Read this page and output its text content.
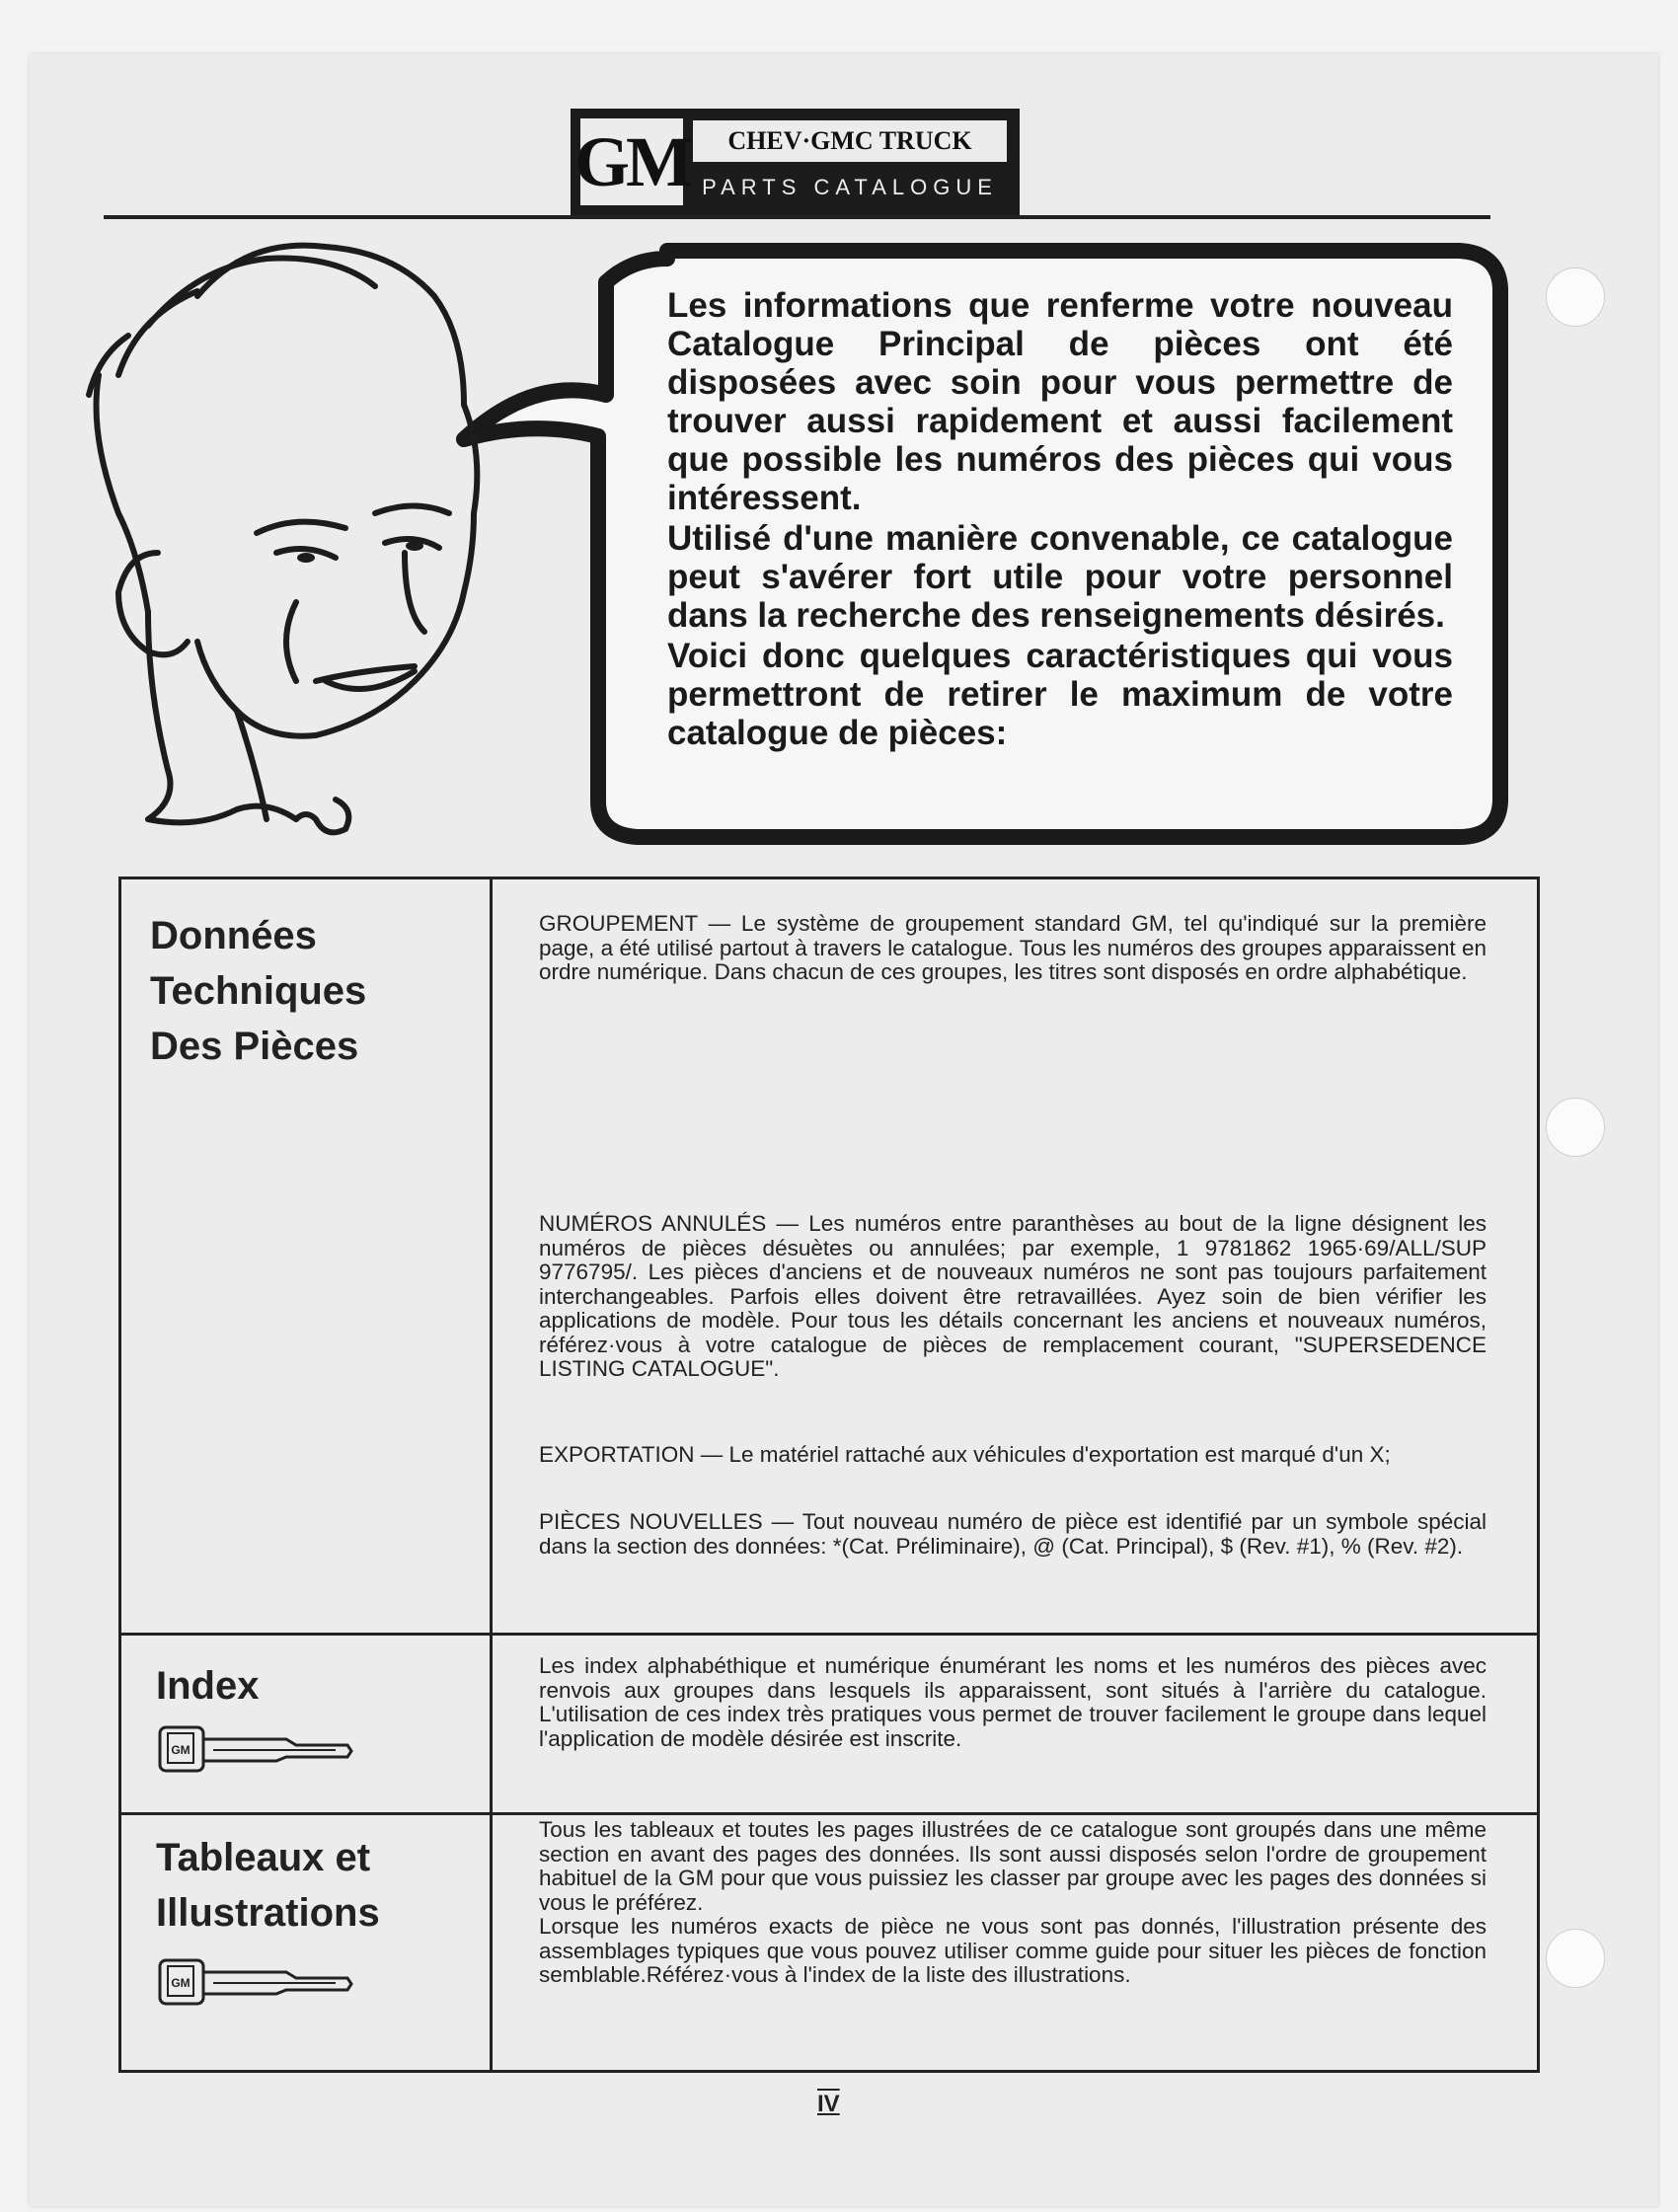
GM	CHEV·GMC TRUCK
PARTS CATALOGUE

Les informations que renferme votre nouveau Catalogue Principal de pièces ont été disposées avec soin pour vous permettre de trouver aussi rapidement et aussi facilement que possible les numéros des pièces qui vous intéressent.

Utilisé d'une manière convenable, ce catalogue peut s'avérer fort utile pour votre personnel dans la recherche des renseignements désirés.

Voici donc quelques caractéristiques qui vous permettront de retirer le maximum de votre catalogue de pièces:

Données
Techniques
Des Pièces

GROUPEMENT — Le système de groupement standard GM, tel qu'indiqué sur la première page, a été utilisé partout à travers le catalogue. Tous les numéros des groupes apparaissent en ordre numérique. Dans chacun de ces groupes, les titres sont disposés en ordre alphabétique.

NUMÉROS ANNULÉS — Les numéros entre paranthèses au bout de la ligne désignent les numéros de pièces désuètes ou annulées; par exemple, 1 9781862 1965·69/ALL/SUP 9776795/. Les pièces d'anciens et de nouveaux numéros ne sont pas toujours parfaitement interchangeables. Parfois elles doivent être retravaillées. Ayez soin de bien vérifier les applications de modèle. Pour tous les détails concernant les anciens et nouveaux numéros, référez·vous à votre catalogue de pièces de remplacement courant, "SUPERSEDENCE LISTING CATALOGUE".

EXPORTATION — Le matériel rattaché aux véhicules d'exportation est marqué d'un X;

PIÈCES NOUVELLES — Tout nouveau numéro de pièce est identifié par un symbole spécial dans la section des données: *(Cat. Préliminaire), @ (Cat. Principal), $ (Rev. #1), % (Rev. #2).

Index
GM

Les index alphabéthique et numérique énumérant les noms et les numéros des pièces avec renvois aux groupes dans lesquels ils apparaissent, sont situés à l'arrière du catalogue. L'utilisation de ces index très pratiques vous permet de trouver facilement le groupe dans lequel l'application de modèle désirée est inscrite.

Tableaux et
Illustrations
GM

Tous les tableaux et toutes les pages illustrées de ce catalogue sont groupés dans une même section en avant des pages des données. Ils sont aussi disposés selon l'ordre de groupement habituel de la GM pour que vous puissiez les classer par groupe avec les pages des données si vous le préférez.

Lorsque les numéros exacts de pièce ne vous sont pas donnés, l'illustration présente des assemblages typiques que vous pouvez utiliser comme guide pour situer les pièces de fonction semblable.Référez·vous à l'index de la liste des illustrations.

IV
